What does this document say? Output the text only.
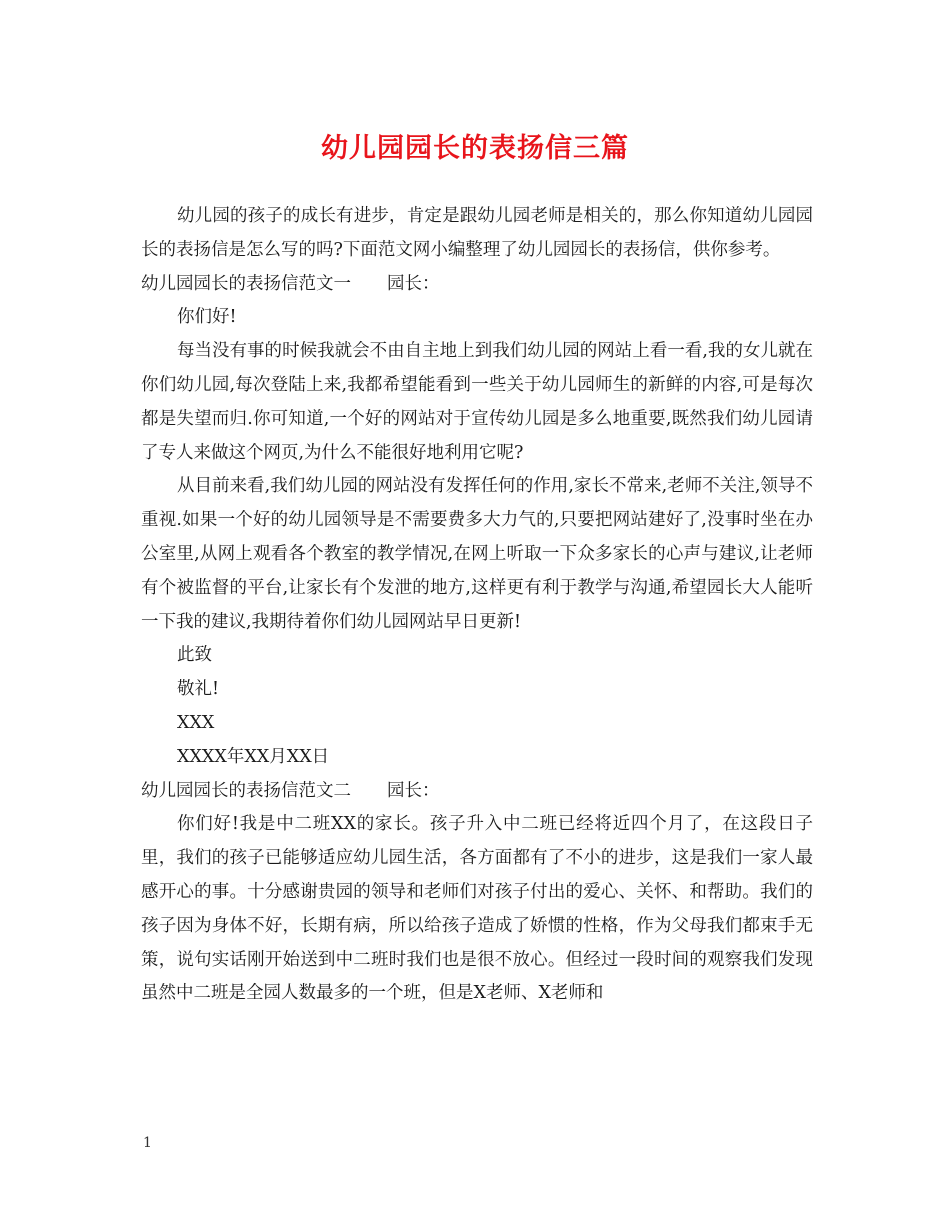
幼儿园园长的表扬信三篇

幼儿园的孩子的成长有进步，肯定是跟幼儿园老师是相关的，那么你知道幼儿园园长的表扬信是怎么写的吗?下面范文网小编整理了幼儿园园长的表扬信，供你参考。

幼儿园园长的表扬信范文一 园长：

你们好!

每当没有事的时候我就会不由自主地上到我们幼儿园的网站上看一看,我的女儿就在你们幼儿园,每次登陆上来,我都希望能看到一些关于幼儿园师生的新鲜的内容,可是每次都是失望而归.你可知道,一个好的网站对于宣传幼儿园是多么地重要,既然我们幼儿园请了专人来做这个网页,为什么不能很好地利用它呢?

从目前来看,我们幼儿园的网站没有发挥任何的作用,家长不常来,老师不关注,领导不重视.如果一个好的幼儿园领导是不需要费多大力气的,只要把网站建好了,没事时坐在办公室里,从网上观看各个教室的教学情况,在网上听取一下众多家长的心声与建议,让老师有个被监督的平台,让家长有个发泄的地方,这样更有利于教学与沟通,希望园长大人能听一下我的建议,我期待着你们幼儿园网站早日更新!

此致

敬礼!

XXX

XXXX年XX月XX日

幼儿园园长的表扬信范文二 园长：

你们好!我是中二班XX的家长。孩子升入中二班已经将近四个月了，在这段日子里，我们的孩子已能够适应幼儿园生活，各方面都有了不小的进步，这是我们一家人最感开心的事。十分感谢贵园的领导和老师们对孩子付出的爱心、关怀、和帮助。我们的孩子因为身体不好，长期有病，所以给孩子造成了娇惯的性格，作为父母我们都束手无策，说句实话刚开始送到中二班时我们也是很不放心。但经过一段时间的观察我们发现虽然中二班是全园人数最多的一个班，但是X老师、X老师和

1
